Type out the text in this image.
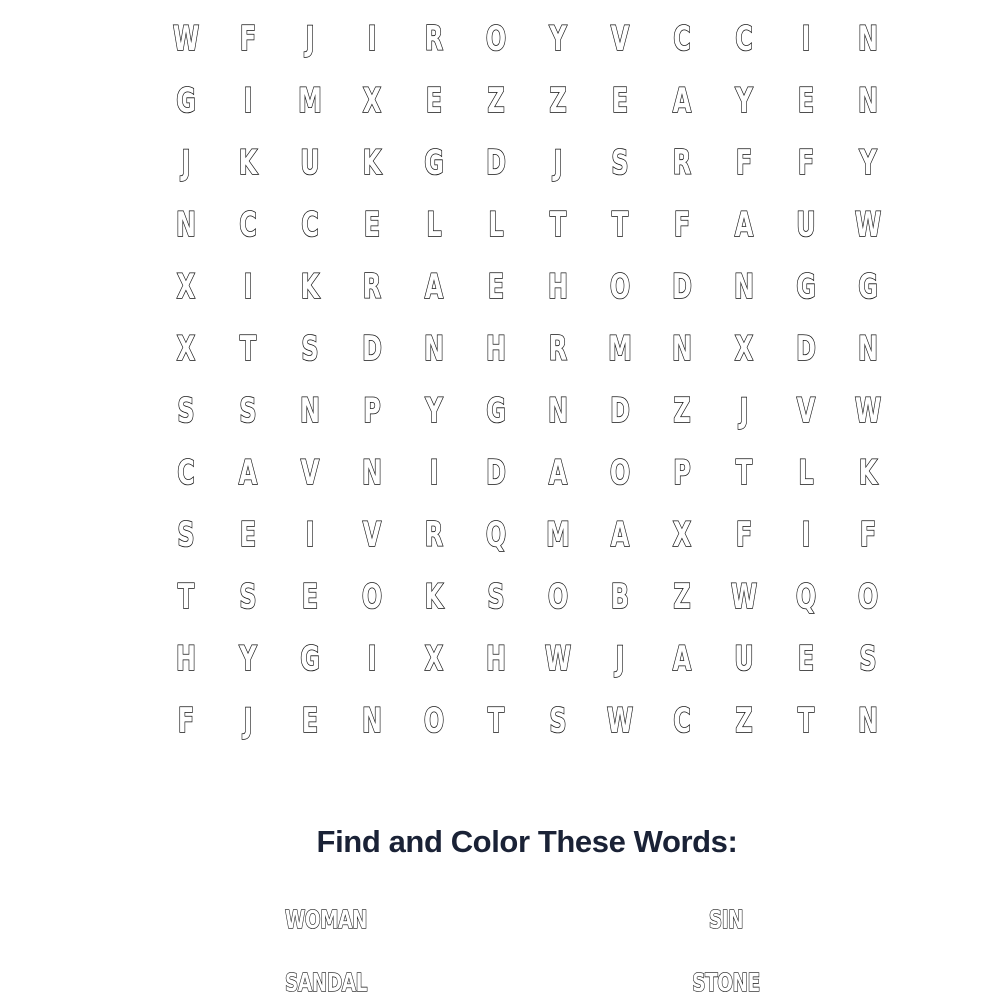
W	F	J	I	R	O	Y	V	C	C	I	N
G	I	M	X	E	Z	Z	E	A	Y	E	N
J	K	U	K	G	D	J	S	R	F	F	Y
N	C	C	E	L	L	T	T	F	A	U	W
X	I	K	R	A	E	H	O	D	N	G	G
X	T	S	D	N	H	R	M	N	X	D	N
S	S	N	P	Y	G	N	D	Z	J	V	W
C	A	V	N	I	D	A	O	P	T	L	K
S	E	I	V	R	Q	M	A	X	F	I	F
T	S	E	O	K	S	O	B	Z	W	Q	O
H	Y	G	I	X	H	W	J	A	U	E	S
F	J	E	N	O	T	S	W	C	Z	T	N
Find and Color These Words:
WOMAN	SIN
SANDAL	STONE
